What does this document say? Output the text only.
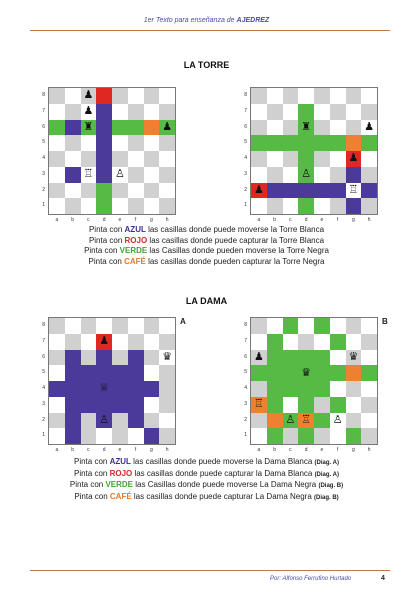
1er Texto para enseñanza de AJEDREZ
LA TORRE
♟
♟
♜	♟
♖ ♙
8
7
6
5
4
3
2
1
a	b	c	d	e	f	g	h
♜	♟
♟
♙
♟	♖
8
7
6
5
4
3
2
1
a	b	c	d	e	f	g	h
Pinta con AZUL las casillas donde puede moverse la Torre Blanca
Pinta con ROJO las casillas donde puede capturar la Torre Blanca
Pinta con VERDE las Casillas donde pueden moverse la Torre Negra
Pinta con CAFÉ las casillas donde pueden capturar la Torre Negra
LA DAMA
♟
♛
♕
♙
8
7
6
5
4
3
2
1
a	b	c	d	e	f	g	h
A
♟	♛
♛
♖
♙ ♖ ♙
8
7
6
5
4
3
2
1
a	b	c	d	e	f	g	h
B
Pinta con AZUL las casillas donde puede moverse la Dama Blanca (Diag. A)
Pinta con ROJO las casillas donde puede capturar la Dama Blanca (Diag. A)
Pinta con VERDE las Casillas donde puede moverse La Dama Negra (Diag. B)
Pinta con CAFÉ las casillas donde puede capturar La Dama Negra (Diag. B)
Por: Alfonso Ferrufino Hurtado	4
